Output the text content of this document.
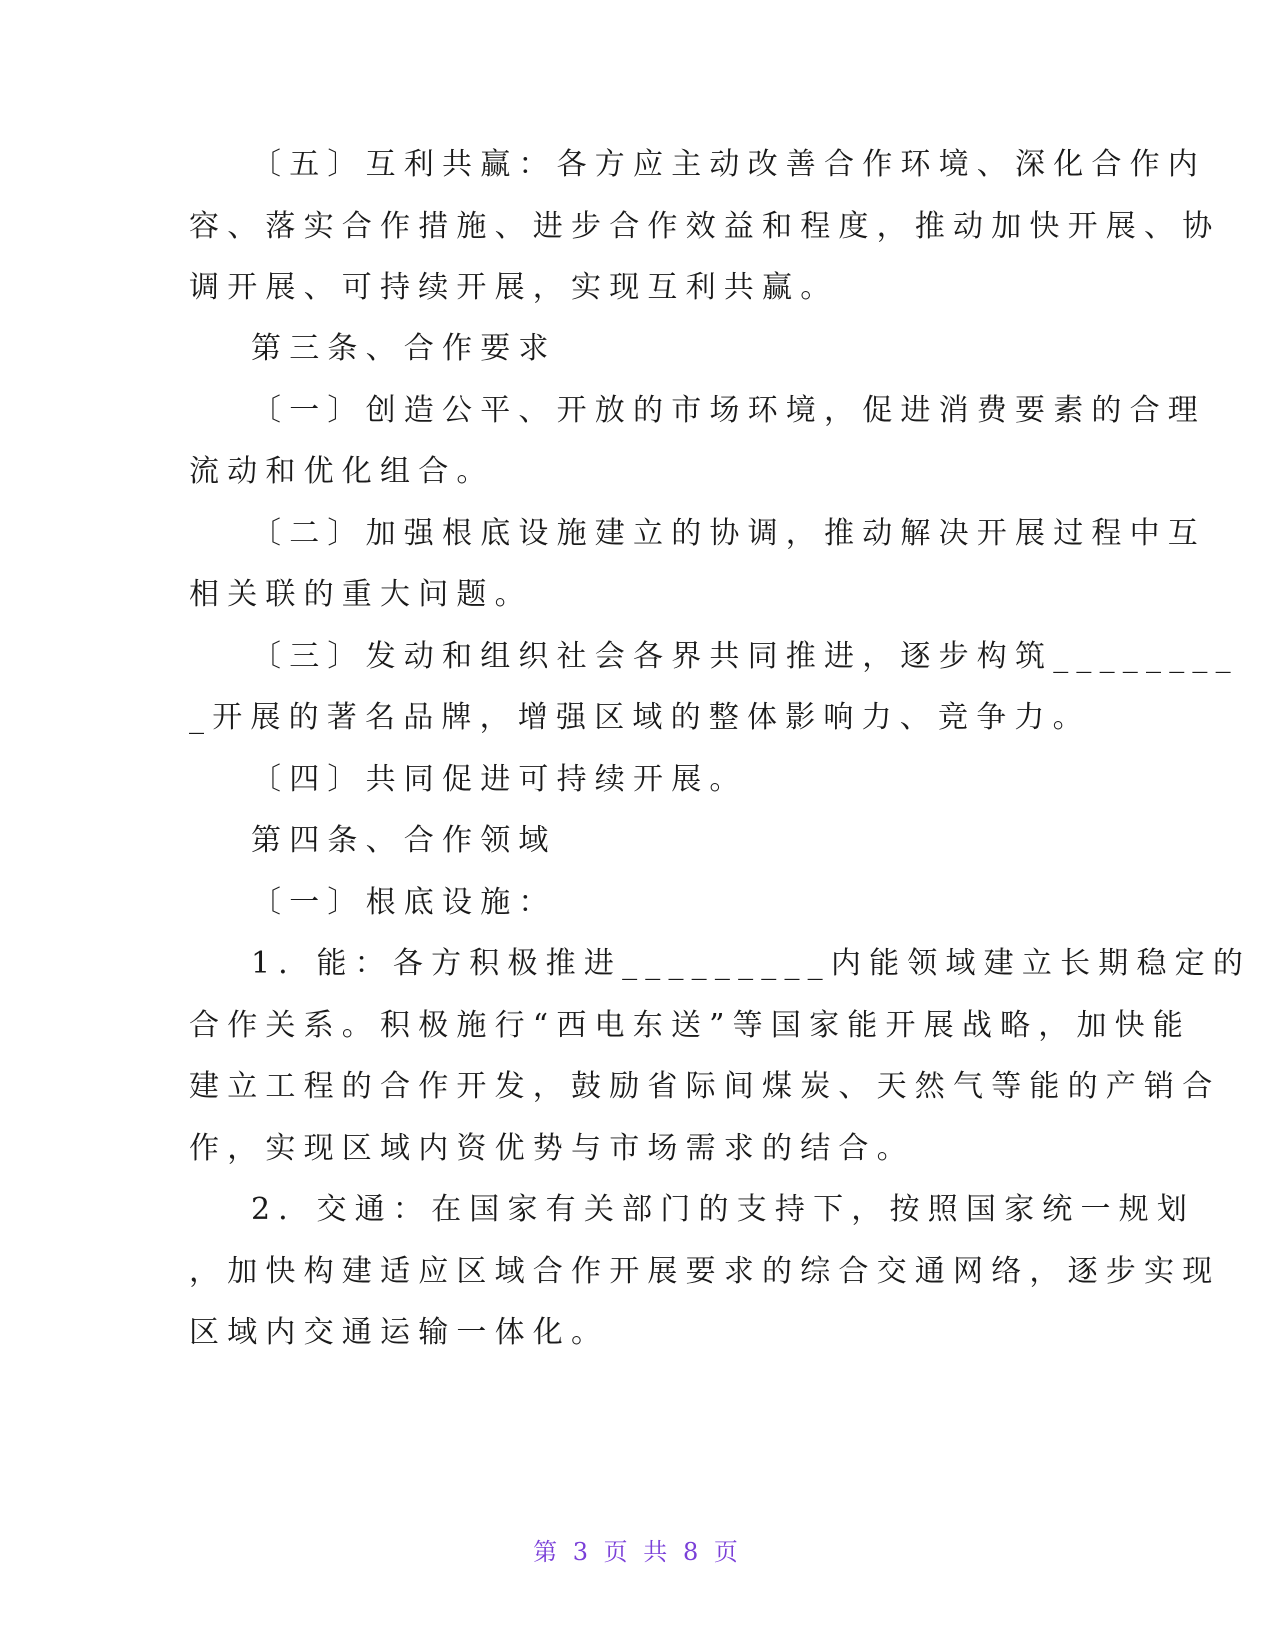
〔五〕互利共赢：各方应主动改善合作环境、深化合作内
容、落实合作措施、进步合作效益和程度，推动加快开展、协
调开展、可持续开展，实现互利共赢。
第三条、合作要求
〔一〕创造公平、开放的市场环境，促进消费要素的合理
流动和优化组合。
〔二〕加强根底设施建立的协调，推动解决开展过程中互
相关联的重大问题。
〔三〕发动和组织社会各界共同推进，逐步构筑________
_开展的著名品牌，增强区域的整体影响力、竞争力。
〔四〕共同促进可持续开展。
第四条、合作领域
〔一〕根底设施：
1．能：各方积极推进_________内能领域建立长期稳定的
合作关系。积极施行“西电东送”等国家能开展战略，加快能
建立工程的合作开发，鼓励省际间煤炭、天然气等能的产销合
作，实现区域内资优势与市场需求的结合。
2．交通：在国家有关部门的支持下，按照国家统一规划
，加快构建适应区域合作开展要求的综合交通网络，逐步实现
区域内交通运输一体化。
第 3 页 共 8 页
